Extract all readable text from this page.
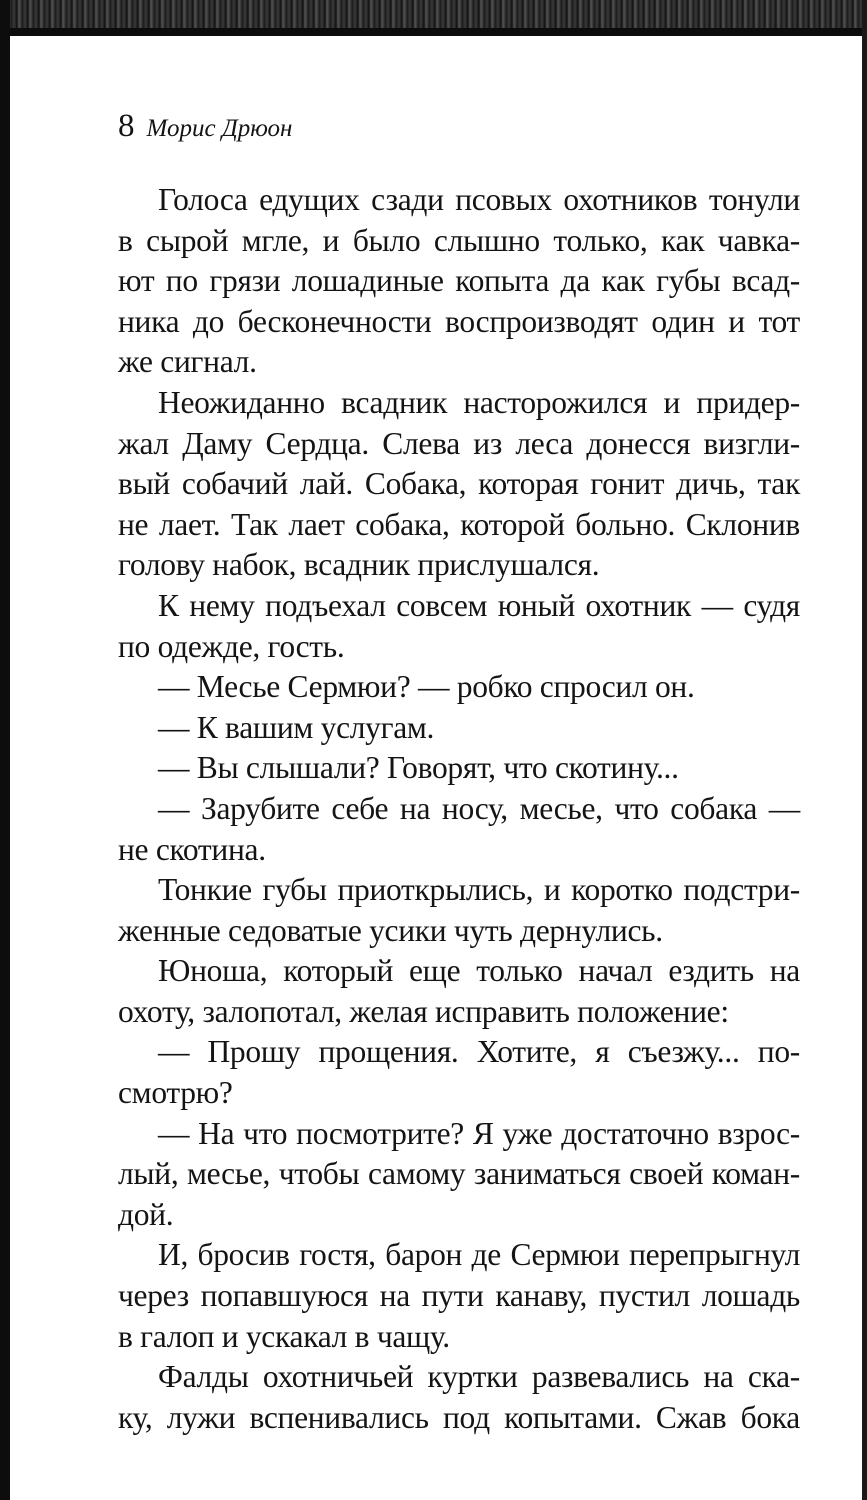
8 Морис Дрюон
Голоса едущих сзади псовых охотников тонули
в сырой мгле, и было слышно только, как чавка-
ют по грязи лошадиные копыта да как губы всад-
ника до бесконечности воспроизводят один и тот
же сигнал.
Неожиданно всадник насторожился и придер-
жал Даму Сердца. Слева из леса донесся визгли-
вый собачий лай. Собака, которая гонит дичь, так
не лает. Так лает собака, которой больно. Склонив
голову набок, всадник прислушался.
К нему подъехал совсем юный охотник — судя
по одежде, гость.
— Месье Сермюи? — робко спросил он.
— К вашим услугам.
— Вы слышали? Говорят, что скотину...
— Зарубите себе на носу, месье, что собака —
не скотина.
Тонкие губы приоткрылись, и коротко подстри-
женные седоватые усики чуть дернулись.
Юноша, который еще только начал ездить на
охоту, залопотал, желая исправить положение:
— Прошу прощения. Хотите, я съезжу... по-
смотрю?
— На что посмотрите? Я уже достаточно взрос-
лый, месье, чтобы самому заниматься своей коман-
дой.
И, бросив гостя, барон де Сермюи перепрыгнул
через попавшуюся на пути канаву, пустил лошадь
в галоп и ускакал в чащу.
Фалды охотничьей куртки развевались на ска-
ку, лужи вспенивались под копытами. Сжав бока
